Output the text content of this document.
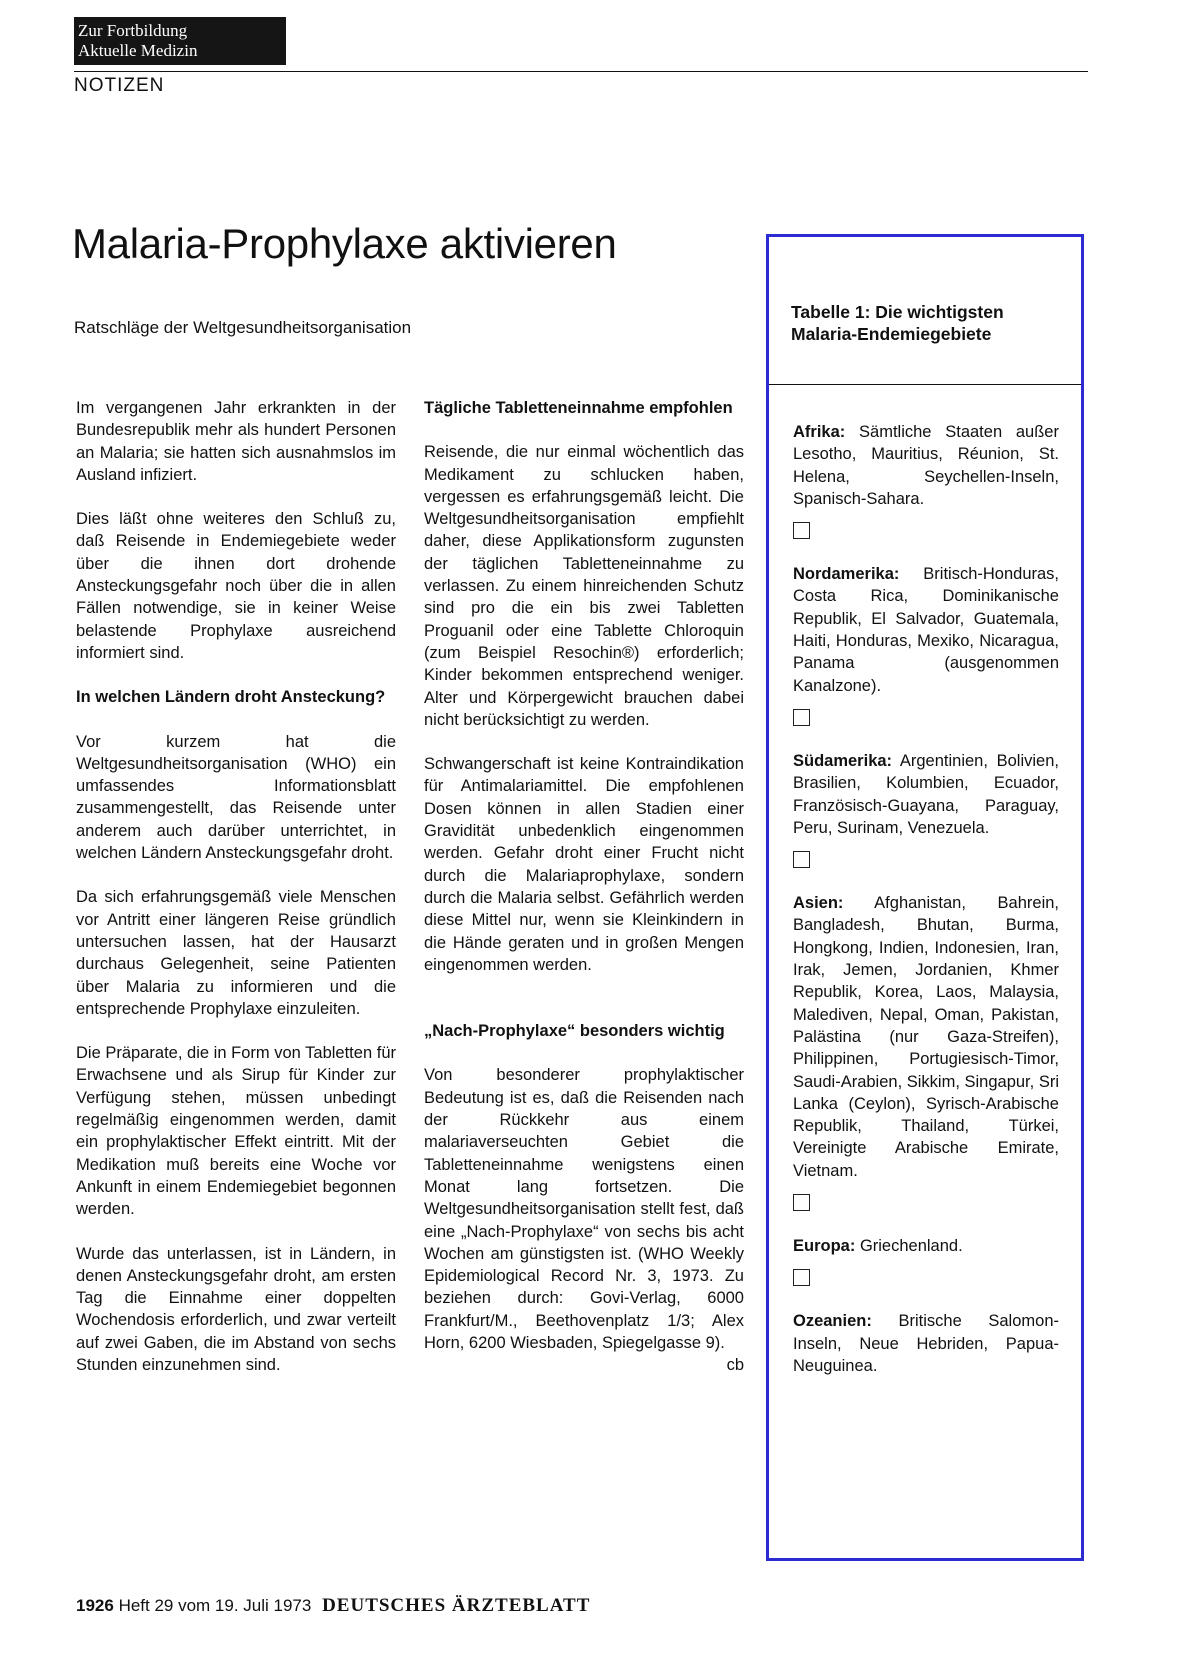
Zur Fortbildung
Aktuelle Medizin
NOTIZEN
Malaria-Prophylaxe aktivieren
Ratschläge der Weltgesundheitsorganisation

Im vergangenen Jahr erkrankten in der Bundesrepublik mehr als hundert Personen an Malaria; sie hatten sich ausnahmslos im Ausland infiziert.

Dies läßt ohne weiteres den Schluß zu, daß Reisende in Endemiegebiete weder über die ihnen dort drohende Ansteckungsgefahr noch über die in allen Fällen notwendige, sie in keiner Weise belastende Prophylaxe ausreichend informiert sind.

In welchen Ländern droht Ansteckung?

Vor kurzem hat die Weltgesundheitsorganisation (WHO) ein umfassendes Informationsblatt zusammengestellt, das Reisende unter anderem auch darüber unterrichtet, in welchen Ländern Ansteckungsgefahr droht.

Da sich erfahrungsgemäß viele Menschen vor Antritt einer längeren Reise gründlich untersuchen lassen, hat der Hausarzt durchaus Gelegenheit, seine Patienten über Malaria zu informieren und die entsprechende Prophylaxe einzuleiten.

Die Präparate, die in Form von Tabletten für Erwachsene und als Sirup für Kinder zur Verfügung stehen, müssen unbedingt regelmäßig eingenommen werden, damit ein prophylaktischer Effekt eintritt. Mit der Medikation muß bereits eine Woche vor Ankunft in einem Endemiegebiet begonnen werden.

Wurde das unterlassen, ist in Ländern, in denen Ansteckungsgefahr droht, am ersten Tag die Einnahme einer doppelten Wochendosis erforderlich, und zwar verteilt auf zwei Gaben, die im Abstand von sechs Stunden einzunehmen sind.

Tägliche Tabletteneinnahme empfohlen

Reisende, die nur einmal wöchentlich das Medikament zu schlucken haben, vergessen es erfahrungsgemäß leicht. Die Weltgesundheitsorganisation empfiehlt daher, diese Applikationsform zugunsten der täglichen Tabletteneinnahme zu verlassen. Zu einem hinreichenden Schutz sind pro die ein bis zwei Tabletten Proguanil oder eine Tablette Chloroquin (zum Beispiel Resochin®) erforderlich; Kinder bekommen entsprechend weniger. Alter und Körpergewicht brauchen dabei nicht berücksichtigt zu werden.

Schwangerschaft ist keine Kontraindikation für Antimalariamittel. Die empfohlenen Dosen können in allen Stadien einer Gravidität unbedenklich eingenommen werden. Gefahr droht einer Frucht nicht durch die Malariaprophylaxe, sondern durch die Malaria selbst. Gefährlich werden diese Mittel nur, wenn sie Kleinkindern in die Hände geraten und in großen Mengen eingenommen werden.

„Nach-Prophylaxe“ besonders wichtig

Von besonderer prophylaktischer Bedeutung ist es, daß die Reisenden nach der Rückkehr aus einem malariaverseuchten Gebiet die Tabletteneinnahme wenigstens einen Monat lang fortsetzen. Die Weltgesundheitsorganisation stellt fest, daß eine „Nach-Prophylaxe“ von sechs bis acht Wochen am günstigsten ist. (WHO Weekly Epidemiological Record Nr. 3, 1973. Zu beziehen durch: Govi-Verlag, 6000 Frankfurt/M., Beethovenplatz 1/3; Alex Horn, 6200 Wiesbaden, Spiegelgasse 9).

cb
Tabelle 1: Die wichtigsten
Malaria-Endemiegebiete

Afrika: Sämtliche Staaten außer Lesotho, Mauritius, Réunion, St. Helena, Seychellen-Inseln, Spanisch-Sahara.

Nordamerika: Britisch-Honduras, Costa Rica, Dominikanische Republik, El Salvador, Guatemala, Haiti, Honduras, Mexiko, Nicaragua, Panama (ausgenommen Kanalzone).

Südamerika: Argentinien, Bolivien, Brasilien, Kolumbien, Ecuador, Französisch-Guayana, Paraguay, Peru, Surinam, Venezuela.

Asien: Afghanistan, Bahrein, Bangladesh, Bhutan, Burma, Hongkong, Indien, Indonesien, Iran, Irak, Jemen, Jordanien, Khmer Republik, Korea, Laos, Malaysia, Malediven, Nepal, Oman, Pakistan, Palästina (nur Gaza-Streifen), Philippinen, Portugiesisch-Timor, Saudi-Arabien, Sikkim, Singapur, Sri Lanka (Ceylon), Syrisch-Arabische Republik, Thailand, Türkei, Vereinigte Arabische Emirate, Vietnam.

Europa: Griechenland.

Ozeanien: Britische Salomon-Inseln, Neue Hebriden, Papua-Neuguinea.

1926 Heft 29 vom 19. Juli 1973 DEUTSCHES ÄRZTEBLATT
